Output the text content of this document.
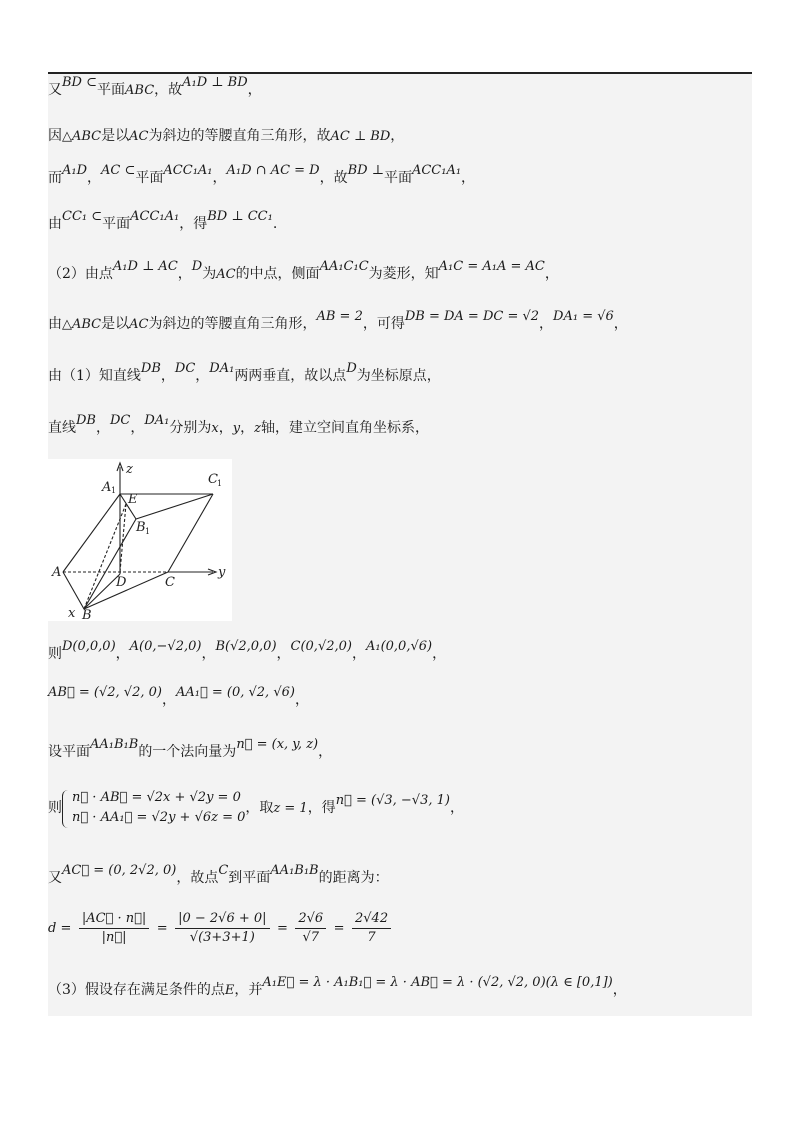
又BD ⊂平面ABC，故A₁D ⊥ BD，
因△ABC是以AC为斜边的等腰直角三角形，故AC ⊥ BD，
而A₁D，AC ⊂平面ACC₁A₁，A₁D ∩ AC = D，故BD ⊥平面ACC₁A₁，
由CC₁ ⊂平面ACC₁A₁，得BD ⊥ CC₁.
（2）由点A₁D ⊥ AC，D为AC的中点，侧面AA₁C₁C为菱形，知A₁C = A₁A = AC，
由△ABC是以AC为斜边的等腰直角三角形，AB = 2，可得DB = DA = DC = √2，DA₁ = √6，
由（1）知直线DB，DC，DA₁两两垂直，故以点D为坐标原点，
直线DB，DC，DA₁分别为x，y，z轴，建立空间直角坐标系，
z
y
x
A 1
C 1
E
B 1
A
D	C
B
则D(0,0,0)，A(0,−√2,0)，B(√2,0,0)，C(0,√2,0)，A₁(0,0,√6)，
AB⃗ = (√2, √2, 0)，AA₁⃗ = (0, √2, √6)，
设平面AA₁B₁B的一个法向量为n⃗ = (x, y, z)，
则
n⃗ · AB⃗ = √2x + √2y = 0
n⃗ · AA₁⃗ = √2y + √6z = 0
，取z = 1，得n⃗ = (√3, −√3, 1)，
又AC⃗ = (0, 2√2, 0)，故点C到平面AA₁B₁B的距离为：
$d = \frac{|AC⃗ \cdot n⃗|}{|n⃗|} = \frac{|0 - 2√6 + 0|}{√(3+3+1)} = \frac{2√6}{√7} = \frac{2√42}{7}$
（3）假设存在满足条件的点E，并A₁E⃗ = λ · A₁B₁⃗ = λ · AB⃗ = λ · (√2, √2, 0)(λ ∈ [0,1])，
